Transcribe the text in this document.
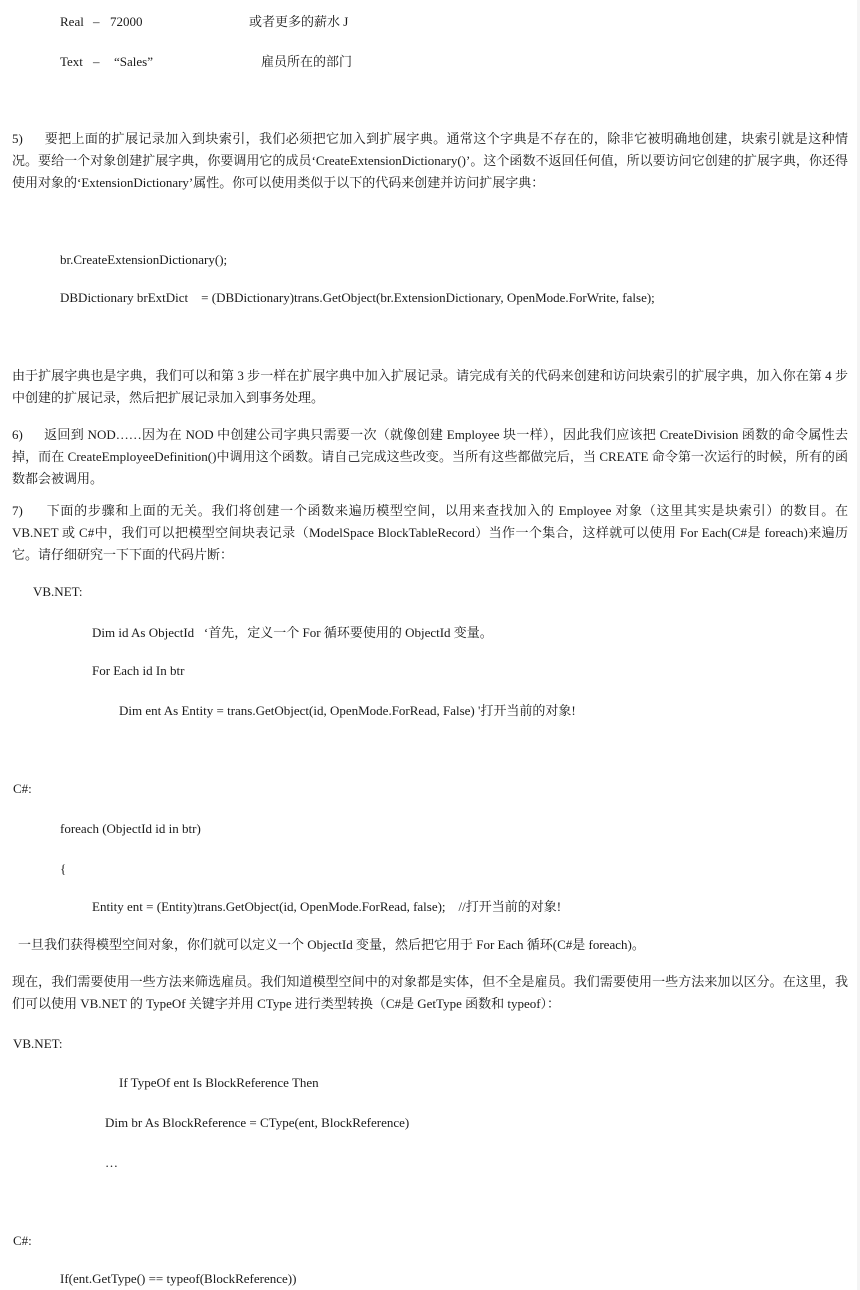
Real – 72000	或者更多的薪水 J
Text – “Sales”	雇员所在的部门
5)      要把上面的扩展记录加入到块索引，我们必须把它加入到扩展字典。通常这个字典是不存在的，除非它被明确地创建，块索引就是这种情况。要给一个对象创建扩展字典，你要调用它的成员‘CreateExtensionDictionary()’。这个函数不返回任何值，所以要访问它创建的扩展字典，你还得使用对象的‘ExtensionDictionary’属性。你可以使用类似于以下的代码来创建并访问扩展字典：
br.CreateExtensionDictionary();
DBDictionary brExtDict    = (DBDictionary)trans.GetObject(br.ExtensionDictionary, OpenMode.ForWrite, false);
由于扩展字典也是字典，我们可以和第 3 步一样在扩展字典中加入扩展记录。请完成有关的代码来创建和访问块索引的扩展字典，加入你在第 4 步中创建的扩展记录，然后把扩展记录加入到事务处理。
6)      返回到 NOD……因为在 NOD 中创建公司字典只需要一次（就像创建 Employee 块一样），因此我们应该把 CreateDivision 函数的命令属性去掉，而在 CreateEmployeeDefinition()中调用这个函数。请自己完成这些改变。当所有这些都做完后，当 CREATE 命令第一次运行的时候，所有的函数都会被调用。
7)      下面的步骤和上面的无关。我们将创建一个函数来遍历模型空间，以用来查找加入的 Employee 对象（这里其实是块索引）的数目。在 VB.NET 或 C#中，我们可以把模型空间块表记录（ModelSpace BlockTableRecord）当作一个集合，这样就可以使用 For Each(C#是 foreach)来遍历它。请仔细研究一下下面的代码片断：
VB.NET:
Dim id As ObjectId   ‘首先，定义一个 For 循环要使用的 ObjectId 变量。
For Each id In btr
Dim ent As Entity = trans.GetObject(id, OpenMode.ForRead, False) '打开当前的对象!
C#:
foreach (ObjectId id in btr)
{
Entity ent = (Entity)trans.GetObject(id, OpenMode.ForRead, false);    //打开当前的对象!
一旦我们获得模型空间对象，你们就可以定义一个 ObjectId 变量，然后把它用于 For Each 循环(C#是 foreach)。
现在，我们需要使用一些方法来筛选雇员。我们知道模型空间中的对象都是实体，但不全是雇员。我们需要使用一些方法来加以区分。在这里，我们可以使用 VB.NET 的 TypeOf 关键字并用 CType 进行类型转换（C#是 GetType 函数和 typeof）：
VB.NET:
If TypeOf ent Is BlockReference Then
Dim br As BlockReference = CType(ent, BlockReference)
…
C#:
If(ent.GetType() == typeof(BlockReference))
